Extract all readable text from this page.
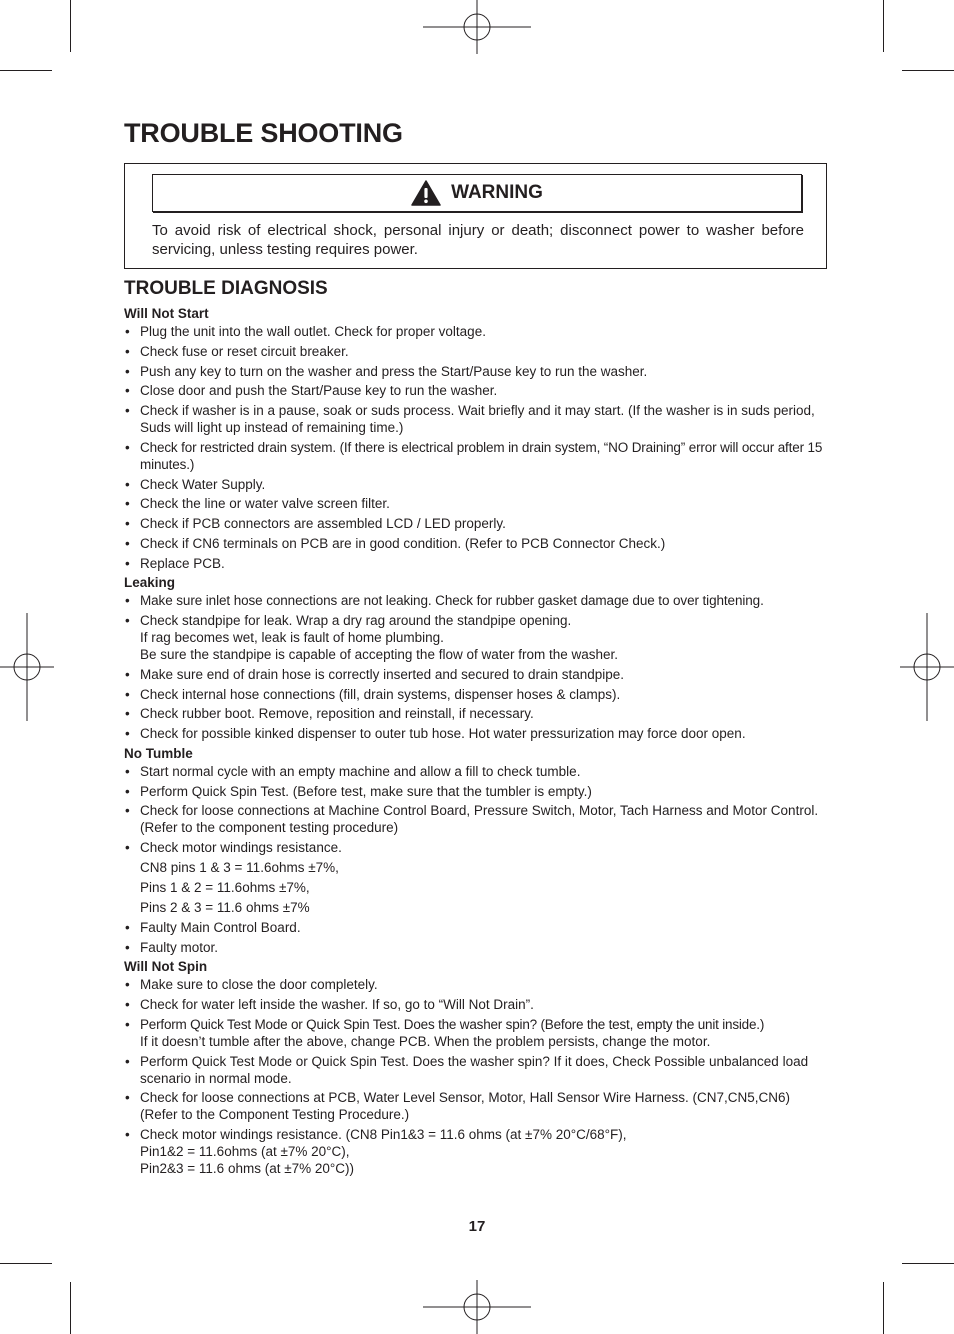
TROUBLE SHOOTING
WARNING

To avoid risk of electrical shock, personal injury or death; disconnect power to washer before servicing, unless testing requires power.

TROUBLE DIAGNOSIS
Will Not Start
• Plug the unit into the wall outlet. Check for proper voltage.
• Check fuse or reset circuit breaker.
• Push any key to turn on the washer and press the Start/Pause key to run the washer.
• Close door and push the Start/Pause key to run the washer.
• Check if washer is in a pause, soak or suds process. Wait briefly and it may start. (If the washer is in suds period, Suds will light up instead of remaining time.)
• Check for restricted drain system. (If there is electrical problem in drain system, “NO Draining” error will occur after 15 minutes.)
• Check Water Supply.
• Check the line or water valve screen filter.
• Check if PCB connectors are assembled LCD / LED properly.
• Check if CN6 terminals on PCB are in good condition. (Refer to PCB Connector Check.)
• Replace PCB.
Leaking
• Make sure inlet hose connections are not leaking. Check for rubber gasket damage due to over tightening.
• Check standpipe for leak. Wrap a dry rag around the standpipe opening.
If rag becomes wet, leak is fault of home plumbing.
Be sure the standpipe is capable of accepting the flow of water from the washer.
• Make sure end of drain hose is correctly inserted and secured to drain standpipe.
• Check internal hose connections (fill, drain systems, dispenser hoses & clamps).
• Check rubber boot. Remove, reposition and reinstall, if necessary.
• Check for possible kinked dispenser to outer tub hose. Hot water pressurization may force door open.
No Tumble
• Start normal cycle with an empty machine and allow a fill to check tumble.
• Perform Quick Spin Test. (Before test, make sure that the tumbler is empty.)
• Check for loose connections at Machine Control Board, Pressure Switch, Motor, Tach Harness and Motor Control. (Refer to the component testing procedure)
• Check motor windings resistance.
CN8 pins 1 & 3 = 11.6ohms ±7%,
Pins 1 & 2 = 11.6ohms ±7%,
Pins 2 & 3 = 11.6 ohms ±7%
• Faulty Main Control Board.
• Faulty motor.
Will Not Spin
• Make sure to close the door completely.
• Check for water left inside the washer. If so, go to “Will Not Drain”.
• Perform Quick Test Mode or Quick Spin Test. Does the washer spin? (Before the test, empty the unit inside.)
If it doesn’t tumble after the above, change PCB. When the problem persists, change the motor.
• Perform Quick Test Mode or Quick Spin Test. Does the washer spin? If it does, Check Possible unbalanced load scenario in normal mode.
• Check for loose connections at PCB, Water Level Sensor, Motor, Hall Sensor Wire Harness. (CN7,CN5,CN6) (Refer to the Component Testing Procedure.)
• Check motor windings resistance. (CN8 Pin1&3 = 11.6 ohms (at ±7% 20°C/68°F),
Pin1&2 = 11.6ohms (at ±7% 20°C),
Pin2&3 = 11.6 ohms (at ±7% 20°C))
17
